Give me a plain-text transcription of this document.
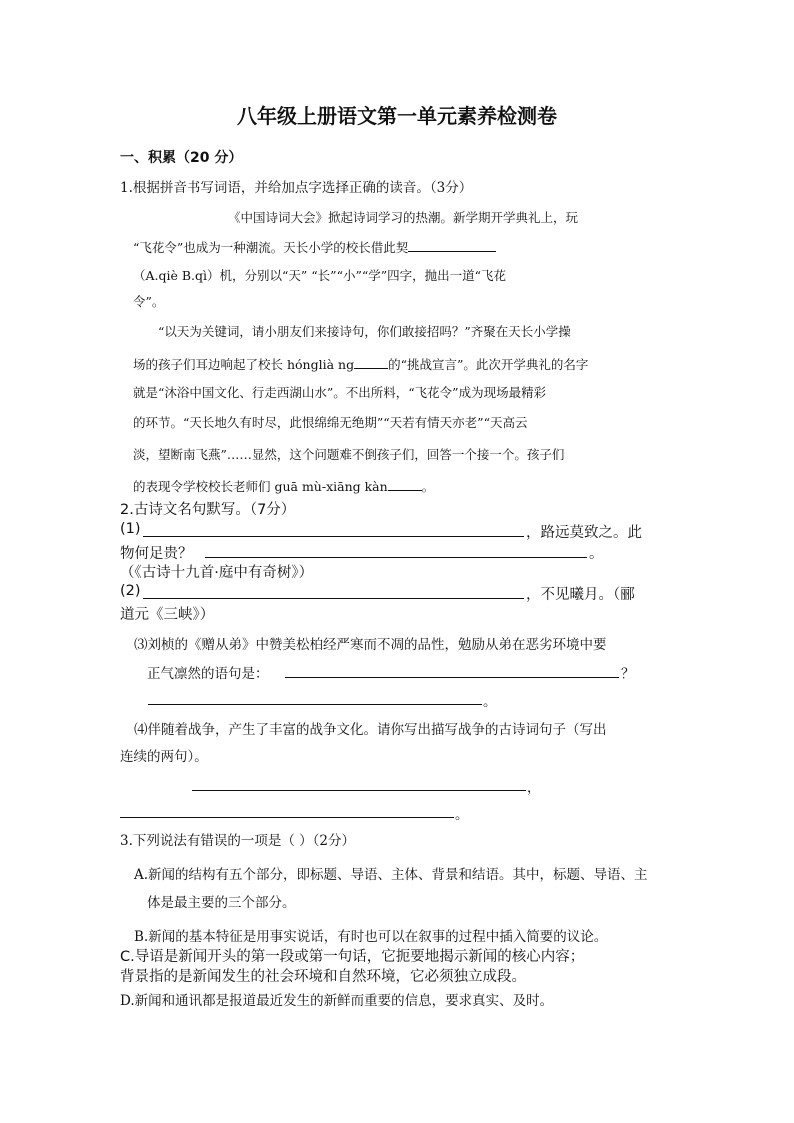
八年级上册语文第一单元素养检测卷
一、积累（20 分）
1.根据拼音书写词语，并给加点字选择正确的读音。（3分）
《中国诗词大会》掀起诗词学习的热潮。新学期开学典礼上，玩
“飞花令”也成为一种潮流。天长小学的校长借此契
（A.qiè B.qì）机，分别以“天” “长”“小”“学”四字，抛出一道“飞花
令”。
“以天为关键词，请小朋友们来接诗句，你们敢接招吗？”齐聚在天长小学操
场的孩子们耳边响起了校长 hónglià ng	的“挑战宣言”。此次开学典礼的名字
就是“沐浴中国文化、行走西湖山水”。不出所料，“飞花令”成为现场最精彩
的环节。“天长地久有时尽，此恨绵绵无绝期”“天若有情天亦老”“天高云
淡，望断南飞燕”……显然，这个问题难不倒孩子们，回答一个接一个。孩子们
的表现令学校校长老师们 guā mù-xiāng kàn	。
2.古诗文名句默写。（7分）
(1)	，路远莫致之。此
物何足贵？	。
（《古诗十九首·庭中有奇树》）
(2)	，不见曦月。（郦
道元《三峡》）
⑶刘桢的《赠从弟》中赞美松柏经严寒而不凋的品性，勉励从弟在恶劣环境中要
正气凛然的语句是：	？
。
⑷伴随着战争，产生了丰富的战争文化。请你写出描写战争的古诗词句子（写出
连续的两句）。
，
。
3.下列说法有错误的一项是（ ）（2分）
A.新闻的结构有五个部分，即标题、导语、主体、背景和结语。其中，标题、导语、主
体是最主要的三个部分。
B.新闻的基本特征是用事实说话，有时也可以在叙事的过程中插入简要的议论。
C.导语是新闻开头的第一段或第一句话，它扼要地揭示新闻的核心内容；
背景指的是新闻发生的社会环境和自然环境，它必须独立成段。
D.新闻和通讯都是报道最近发生的新鲜而重要的信息，要求真实、及时。
